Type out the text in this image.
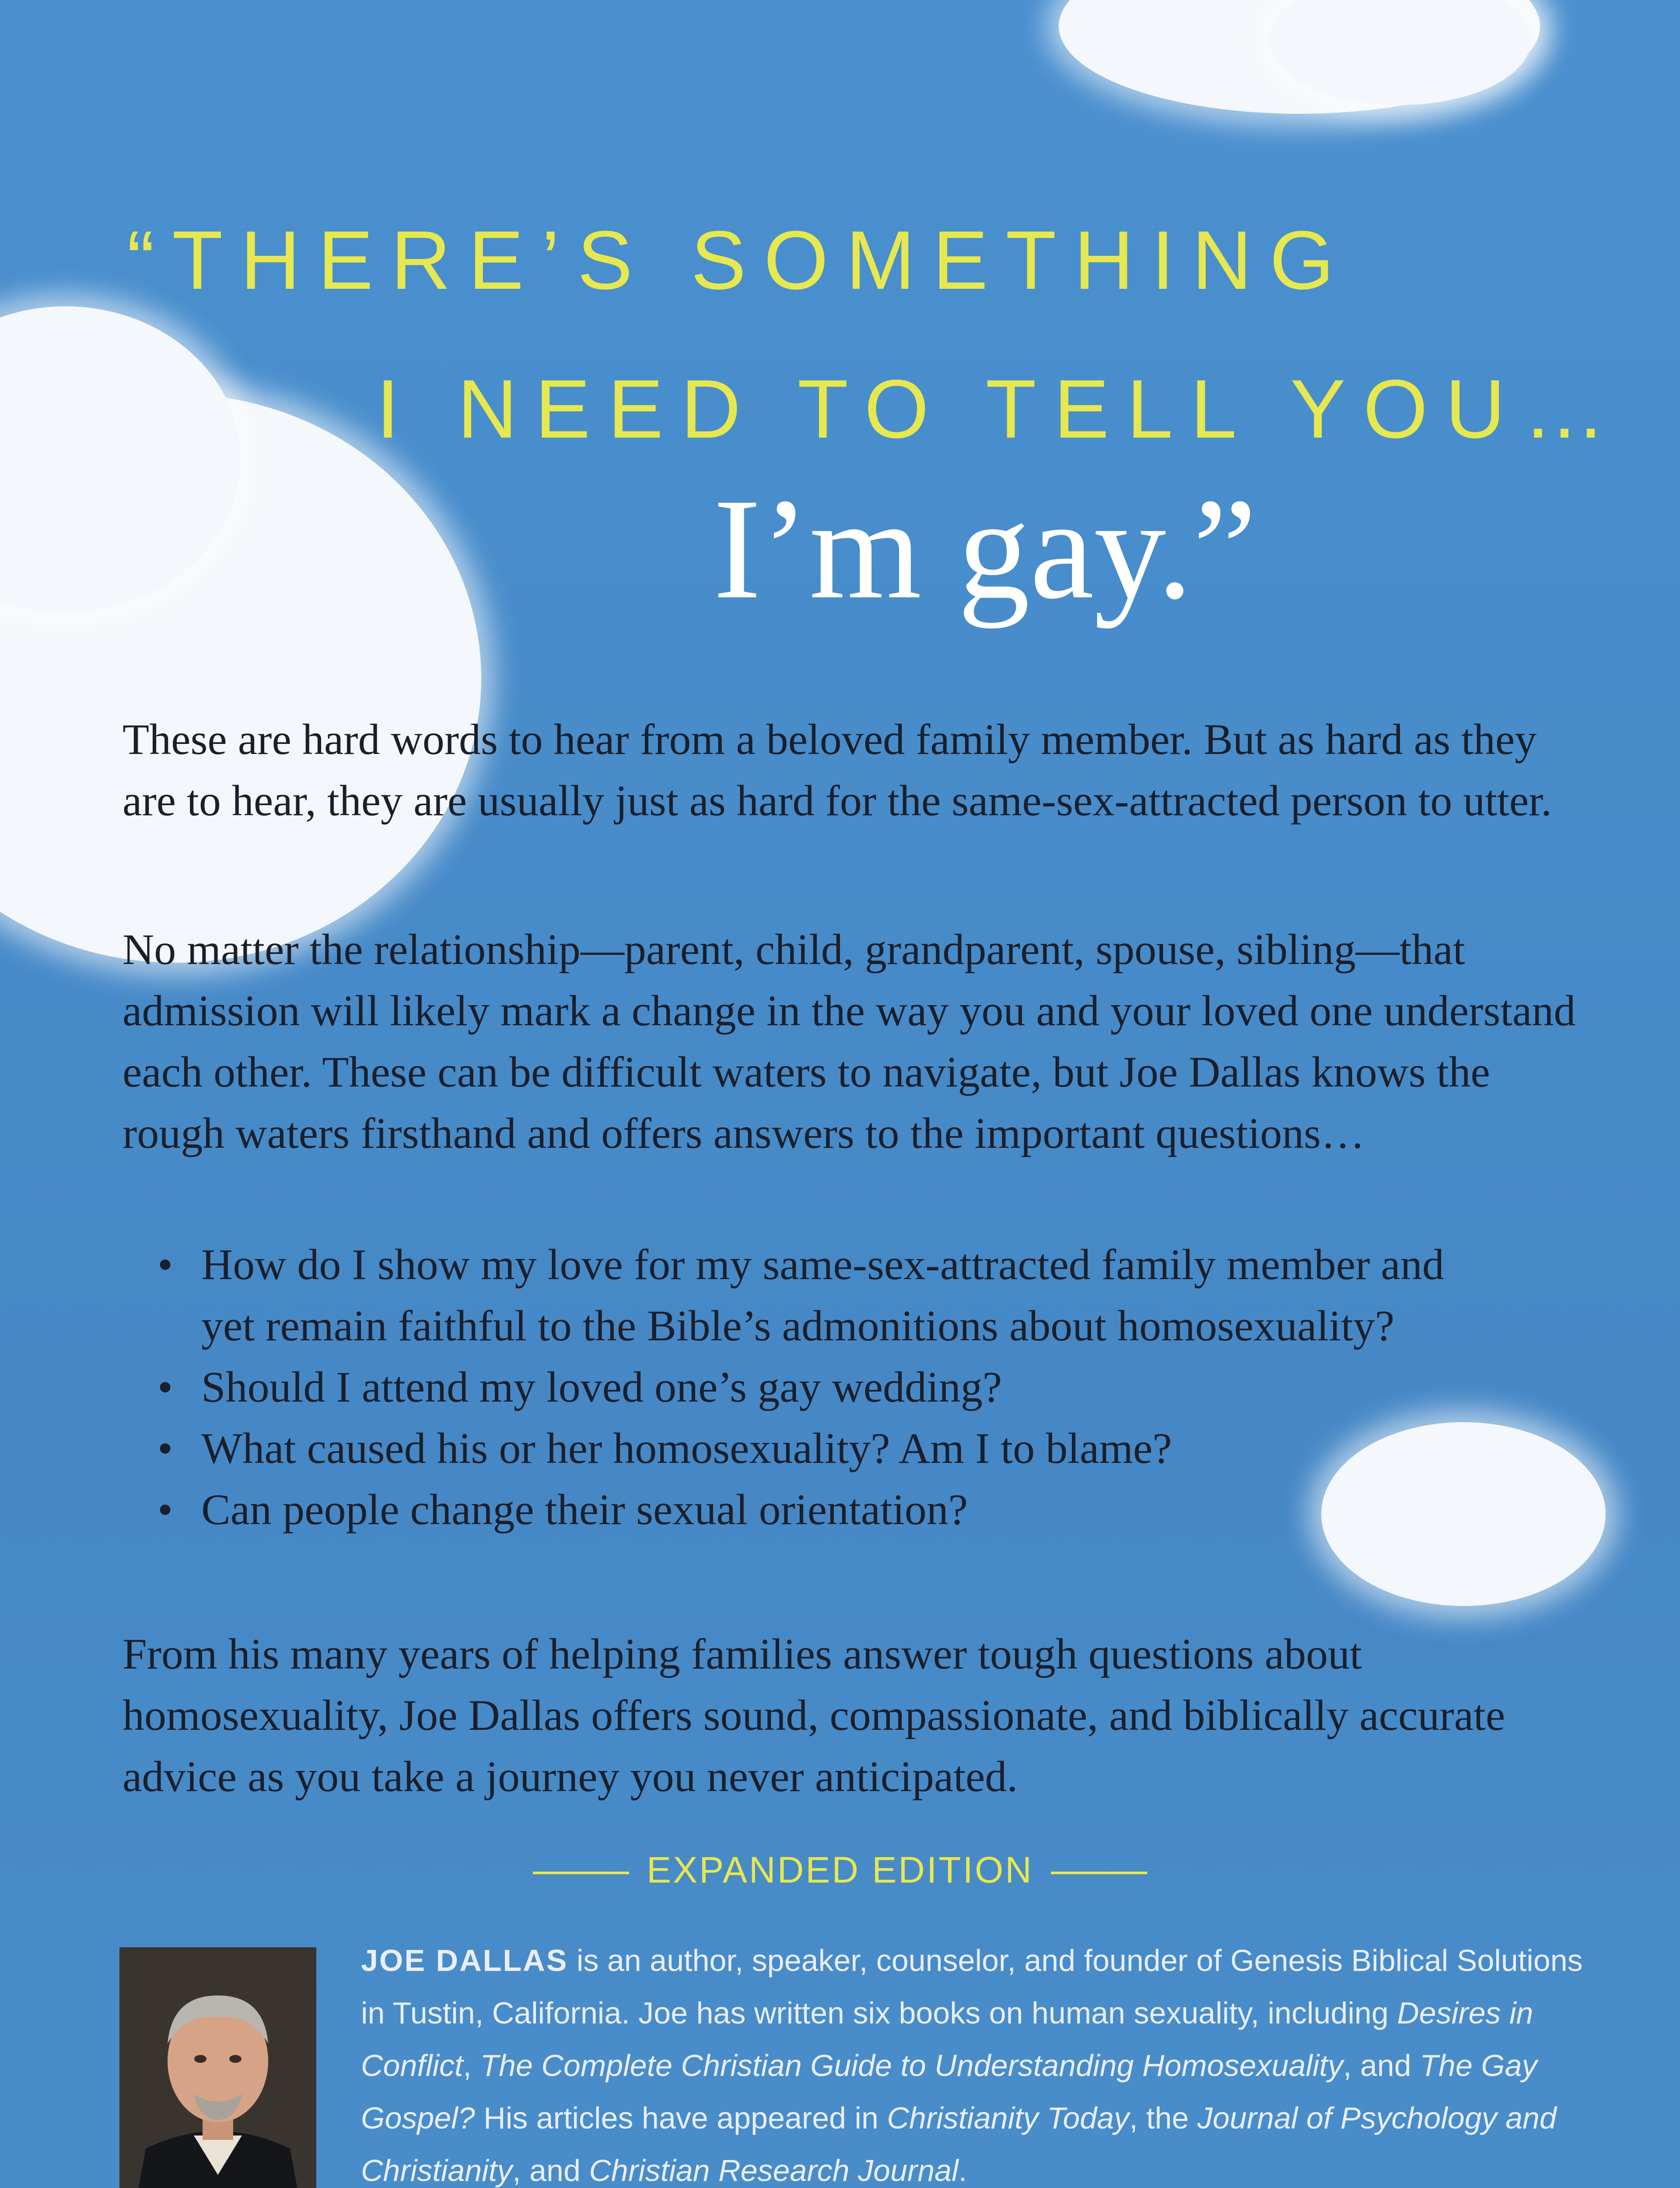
“THERE’S SOMETHING
I NEED TO TELL YOU…
I’m gay.”

These are hard words to hear from a beloved family member. But as hard as they are to hear, they are usually just as hard for the same-sex-attracted person to utter.

No matter the relationship—parent, child, grandparent, spouse, sibling—that admission will likely mark a change in the way you and your loved one understand each other. These can be difficult waters to navigate, but Joe Dallas knows the rough waters firsthand and offers answers to the important questions…

• How do I show my love for my same-sex-attracted family member and yet remain faithful to the Bible’s admonitions about homosexuality?
• Should I attend my loved one’s gay wedding?
• What caused his or her homosexuality? Am I to blame?
• Can people change their sexual orientation?

From his many years of helping families answer tough questions about homosexuality, Joe Dallas offers sound, compassionate, and biblically accurate advice as you take a journey you never anticipated.

EXPANDED EDITION

JOE DALLAS is an author, speaker, counselor, and founder of Genesis Biblical Solutions in Tustin, California. Joe has written six books on human sexuality, including Desires in Conflict, The Complete Christian Guide to Understanding Homosexuality, and The Gay Gospel? His articles have appeared in Christianity Today, the Journal of Psychology and Christianity, and Christian Research Journal.
